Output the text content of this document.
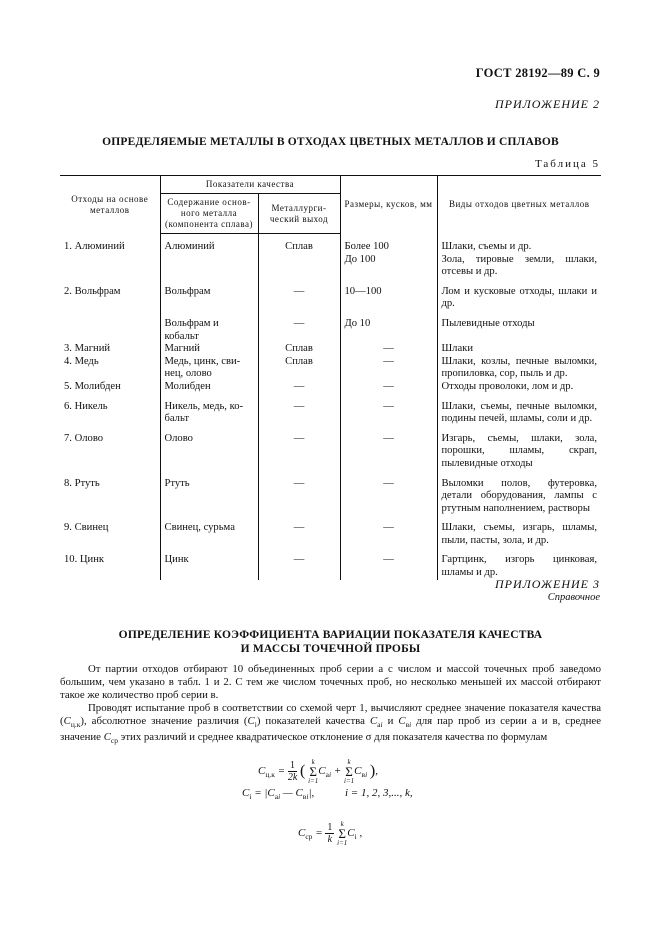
ГОСТ 28192—89 С. 9
ПРИЛОЖЕНИЕ 2
ОПРЕДЕЛЯЕМЫЕ МЕТАЛЛЫ В ОТХОДАХ ЦВЕТНЫХ МЕТАЛЛОВ И СПЛАВОВ
Таблица 5
Отходы на основе металлов	Показатели качества		Размеры, кусков, мм	Виды отходов цветных металлов
	Содержание основ-ного металла (компонента сплава)	Металлурги-ческий выход		
1. Алюминий	Алюминий	Сплав	Более 100	Шлаки, съемы и др.
			До 100	Зола, тировые земли, шлаки, отсевы и др.
2. Вольфрам	Вольфрам	—	10—100	Лом и кусковые отходы, шлаки и др.
	Вольфрам и кобальт	—	До 10	Пылевидные отходы
3. Магний	Магний	Сплав	—	Шлаки
4. Медь	Медь, цинк, сви-нец, олово	Сплав	—	Шлаки, козлы, печные выломки, пропиловка, сор, пыль и др.
5. Молибден	Молибден	—	—	Отходы проволоки, лом и др.
6. Никель	Никель, медь, ко-бальт	—	—	Шлаки, съемы, печные выломки, подины печей, шламы, соли и др.
7. Олово	Олово	—	—	Изгарь, съемы, шлаки, зола, порошки, шламы, скрап, пылевидные отходы
8. Ртуть	Ртуть	—	—	Выломки полов, футеровка, детали оборудования, лампы с ртутным наполнением, растворы
9. Свинец	Свинец, сурьма	—	—	Шлаки, съемы, изгарь, шламы, пыли, пасты, зола, и др.
10. Цинк	Цинк	—	—	Гартцинк, изгорь цинковая, шламы и др.
ПРИЛОЖЕНИЕ 3
Справочное
ОПРЕДЕЛЕНИЕ КОЭФФИЦИЕНТА ВАРИАЦИИ ПОКАЗАТЕЛЯ КАЧЕСТВА
И МАССЫ ТОЧЕЧНОЙ ПРОБЫ
От партии отходов отбирают 10 объединенных проб серии а с числом и массой точечных проб заведомо большим, чем указано в табл. 1 и 2. С тем же числом точечных проб, но несколько меньшей их массой отбирают такое же количество проб серии в.
Проводят испытание проб в соответствии со схемой черт 1, вычисляют среднее значение показателя качества $(C_{ц.к})$, абсолютное значение различия $(C_i)$ показателей качества $C_{ai}$ и $C_{вi}$ для пар проб из серии а и в, среднее значение $C_{ср}$ этих различий и среднее квадратическое отклонение σ для показателя качества по формулам
$C_{ц.к} = \frac{1}{2k}$ (
k
Σ
i=1
$C_{ai}$ +
k
Σ
i=1
$C_{вi}$ ),
$C_i = |C_{ai}$ — $C_{вi}|$,	i = 1, 2, 3,..., k,
$C_{ср} = \frac{1}{k}$
k
Σ
i=1
$C_i$ ,
